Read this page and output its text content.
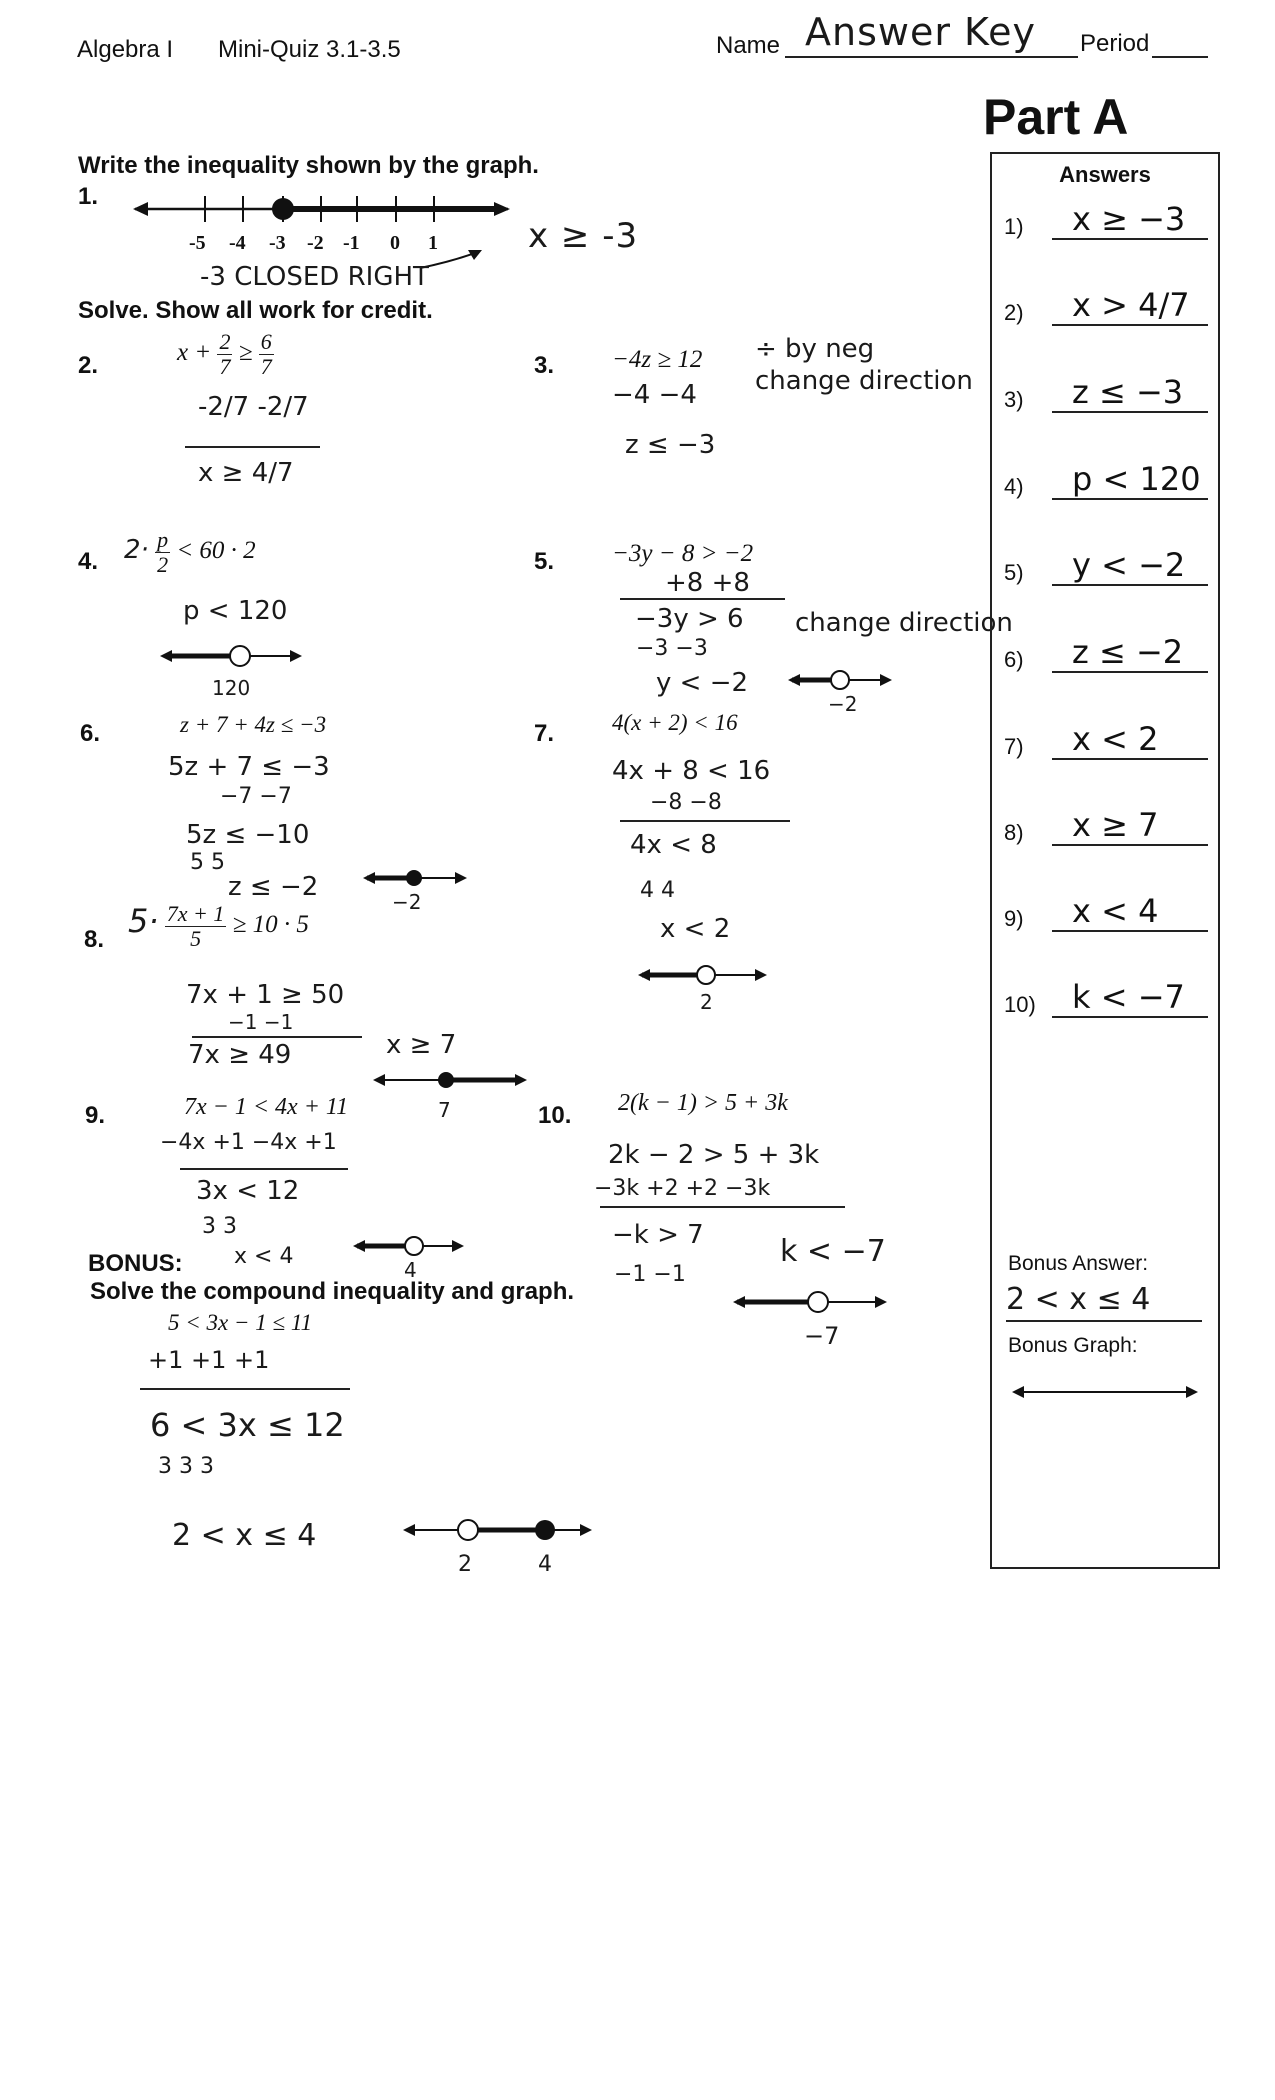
Algebra I Mini-Quiz 3.1-3.5	Name Answer Key Period
Part A
Write the inequality shown by the graph.
1.
-5 -4 -3 -2 -1 0 1
-3 CLOSED RIGHT
x ≥ -3
Solve. Show all work for credit.
2.	$x + \frac{2}{7} \ge \frac{6}{7}$
-2/7 -2/7
x ≥ 4/7
3. −4z ≥ 12
−4 −4
÷ by neg
change direction
z ≤ −3
4. $2\cdot \frac{p}{2} < 60 \cdot 2$
p < 120
120
5. −3y − 8 > −2
+8 +8
−3y > 6
−3 −3
change direction
y < −2
−2
6.	z + 7 + 4z ≤ −3
5z + 7 ≤ −3
−7 −7
5z ≤ −10
5 5
z ≤ −2	−2
7.	4(x + 2) < 16
4x + 8 < 16
−8 −8
4x < 8
4 4
x < 2
2
8. $5\cdot \frac{7x + 1}{5} \ge 10 \cdot 5$
7x + 1 ≥ 50
−1 −1
7x ≥ 49	x ≥ 7
7
9.	7x − 1 < 4x + 11
−4x +1 −4x +1
3x < 12
3 3
x < 4
4
10. 2(k − 1) > 5 + 3k
2k − 2 > 5 + 3k
−3k +2 +2 −3k
−k > 7
−1 −1
k < −7
−7
BONUS:
Solve the compound inequality and graph.
5 < 3x − 1 ≤ 11
+1 +1 +1
6 < 3x ≤ 12
3 3 3
2 < x ≤ 4
2	4
Answers
1)	x ≥ −3
2)	x > 4/7
3)	z ≤ −3
4)	p < 120
5)	y < −2
6)	z ≤ −2
7)	x < 2
8)	x ≥ 7
9)	x < 4
10)	k < −7
Bonus Answer:
2 < x ≤ 4
Bonus Graph:
